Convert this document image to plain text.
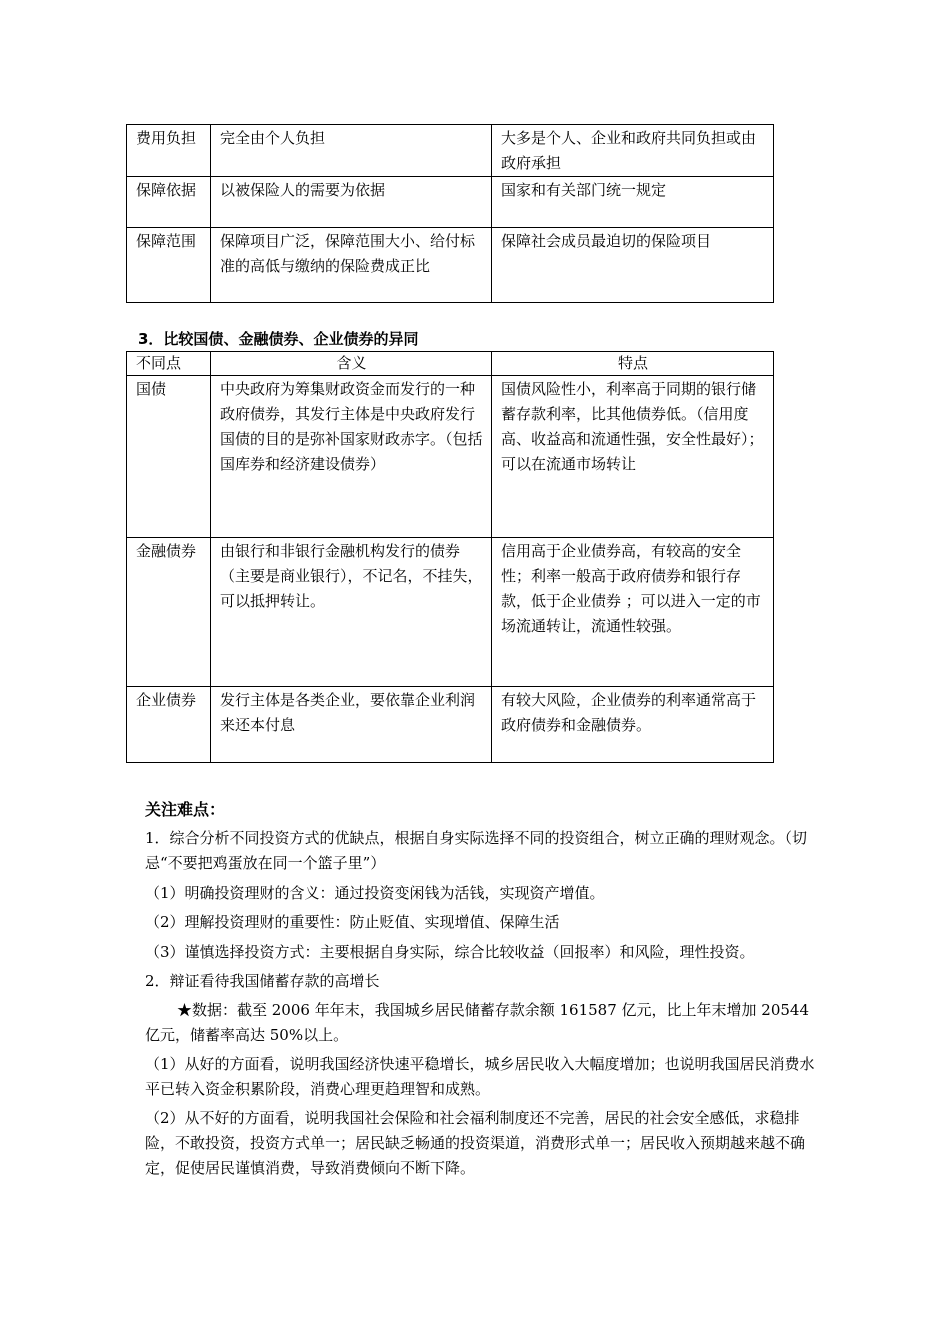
费用负担	完全由个人负担	大多是个人、企业和政府共同负担或由政府承担
保障依据	以被保险人的需要为依据	国家和有关部门统一规定
保障范围	保障项目广泛，保障范围大小、给付标准的高低与缴纳的保险费成正比	保障社会成员最迫切的保险项目
3．比较国债、金融债券、企业债券的异同
不同点	含义	特点
国债	中央政府为筹集财政资金而发行的一种政府债券，其发行主体是中央政府发行国债的目的是弥补国家财政赤字。（包括国库券和经济建设债券）	国债风险性小，利率高于同期的银行储蓄存款利率，比其他债券低。（信用度高、收益高和流通性强，安全性最好）；可以在流通市场转让
金融债券	由银行和非银行金融机构发行的债券（主要是商业银行），不记名，不挂失，可以抵押转让。	信用高于企业债券高，有较高的安全性；利率一般高于政府债券和银行存款，低于企业债券 ；可以进入一定的市场流通转让，流通性较强。
企业债券	发行主体是各类企业，要依靠企业利润来还本付息	有较大风险，企业债券的利率通常高于政府债券和金融债券。
关注难点：
1．综合分析不同投资方式的优缺点，根据自身实际选择不同的投资组合，树立正确的理财观念。（切忌“不要把鸡蛋放在同一个篮子里”）
（1）明确投资理财的含义：通过投资变闲钱为活钱，实现资产增值。
（2）理解投资理财的重要性：防止贬值、实现增值、保障生活
（3）谨慎选择投资方式：主要根据自身实际，综合比较收益（回报率）和风险，理性投资。
2．辩证看待我国储蓄存款的高增长
★数据：截至 2006 年年末，我国城乡居民储蓄存款余额 161587 亿元，比上年末增加 20544 亿元，储蓄率高达 50%以上。
（1）从好的方面看，说明我国经济快速平稳增长，城乡居民收入大幅度增加；也说明我国居民消费水平已转入资金积累阶段，消费心理更趋理智和成熟。
（2）从不好的方面看，说明我国社会保险和社会福利制度还不完善，居民的社会安全感低，求稳排险，不敢投资，投资方式单一；居民缺乏畅通的投资渠道，消费形式单一；居民收入预期越来越不确定，促使居民谨慎消费，导致消费倾向不断下降。
